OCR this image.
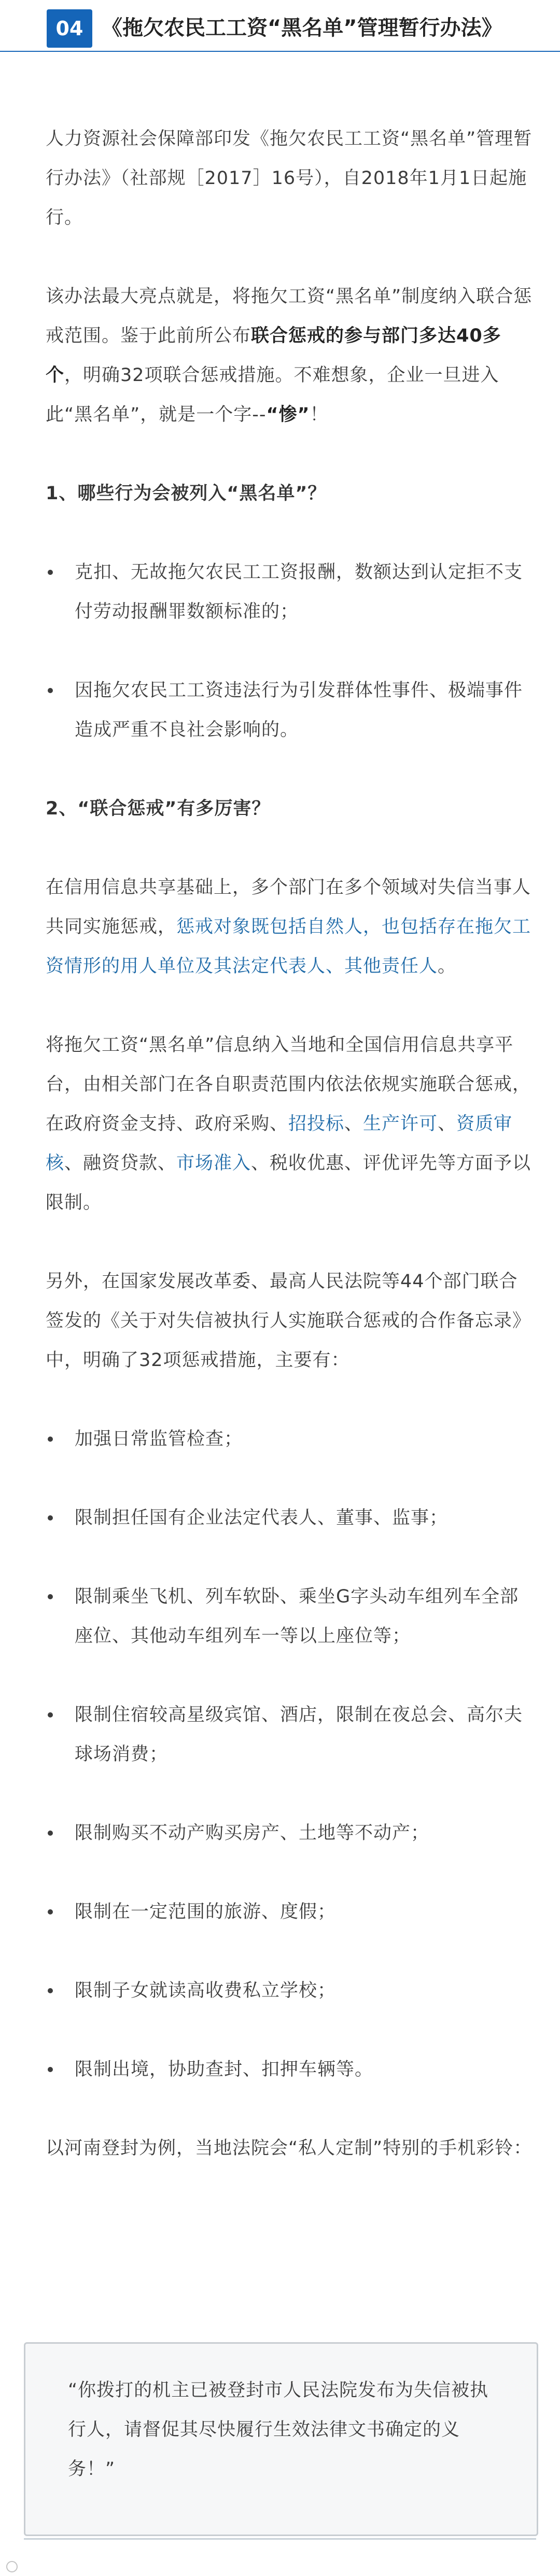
04 《拖欠农民工工资“黑名单”管理暂行办法》

人力资源社会保障部印发《拖欠农民工工资“黑名单”管理暂行办法》（社部规［2017］16号），自2018年1月1日起施行。

该办法最大亮点就是，将拖欠工资“黑名单”制度纳入联合惩戒范围。鉴于此前所公布联合惩戒的参与部门多达40多个，明确32项联合惩戒措施。不难想象，企业一旦进入此“黑名单”，就是一个字--“惨”！

1、哪些行为会被列入“黑名单”？

克扣、无故拖欠农民工工资报酬，数额达到认定拒不支付劳动报酬罪数额标准的；

因拖欠农民工工资违法行为引发群体性事件、极端事件造成严重不良社会影响的。

2、“联合惩戒”有多厉害？

在信用信息共享基础上，多个部门在多个领域对失信当事人共同实施惩戒，惩戒对象既包括自然人，也包括存在拖欠工资情形的用人单位及其法定代表人、其他责任人。

将拖欠工资“黑名单”信息纳入当地和全国信用信息共享平台，由相关部门在各自职责范围内依法依规实施联合惩戒，在政府资金支持、政府采购、招投标、生产许可、资质审核、融资贷款、市场准入、税收优惠、评优评先等方面予以限制。

另外，在国家发展改革委、最高人民法院等44个部门联合签发的《关于对失信被执行人实施联合惩戒的合作备忘录》中，明确了32项惩戒措施，主要有：

加强日常监管检查；

限制担任国有企业法定代表人、董事、监事；

限制乘坐飞机、列车软卧、乘坐G字头动车组列车全部座位、其他动车组列车一等以上座位等；

限制住宿较高星级宾馆、酒店，限制在夜总会、高尔夫球场消费；

限制购买不动产购买房产、土地等不动产；

限制在一定范围的旅游、度假；

限制子女就读高收费私立学校；

限制出境，协助查封、扣押车辆等。

以河南登封为例，当地法院会“私人定制”特别的手机彩铃：

“你拨打的机主已被登封市人民法院发布为失信被执行人，请督促其尽快履行生效法律文书确定的义务！”
